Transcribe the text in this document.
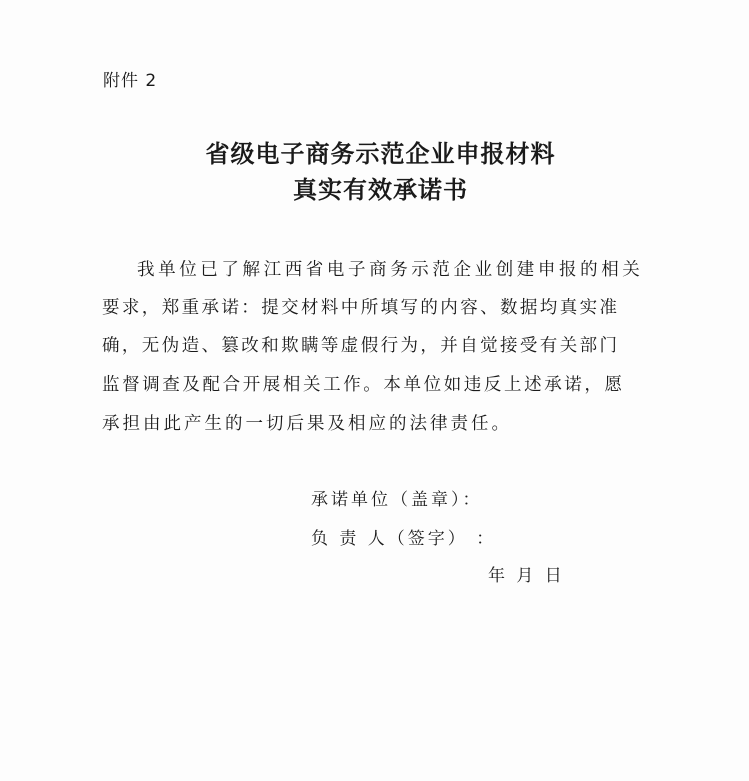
附件 2
省级电子商务示范企业申报材料
真实有效承诺书
我单位已了解江西省电子商务示范企业创建申报的相关
要求，郑重承诺：提交材料中所填写的内容、数据均真实准
确，无伪造、篡改和欺瞒等虚假行为，并自觉接受有关部门
监督调查及配合开展相关工作。本单位如违反上述承诺，愿
承担由此产生的一切后果及相应的法律责任。
承诺单位（盖章）：
负 责 人（签字） ：
年 月 日
